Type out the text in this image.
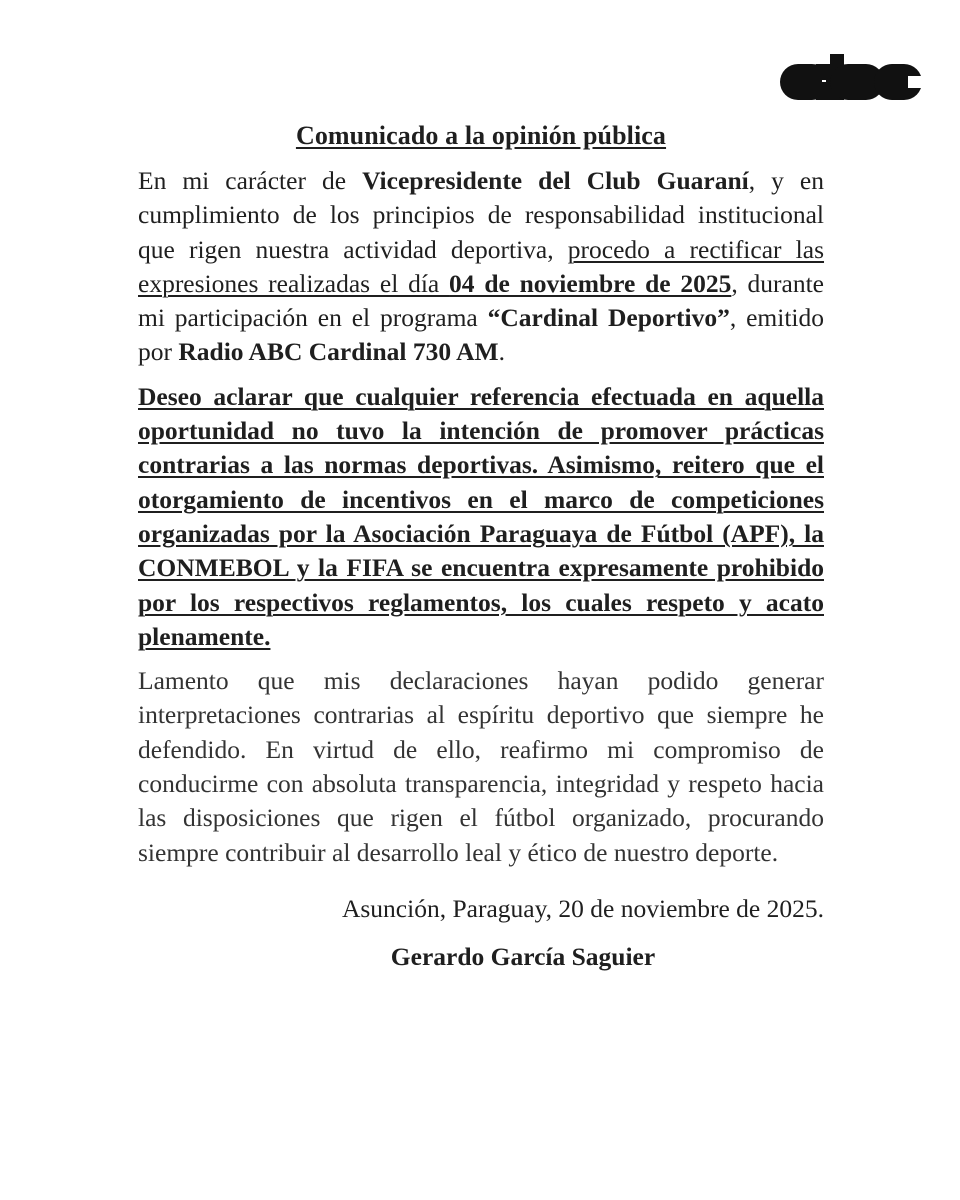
Comunicado a la opinión pública

En mi carácter de Vicepresidente del Club Guaraní, y en cumplimiento de los principios de responsabilidad institucional que rigen nuestra actividad deportiva, procedo a rectificar las expresiones realizadas el día 04 de noviembre de 2025, durante mi participación en el programa “Cardinal Deportivo”, emitido por Radio ABC Cardinal 730 AM.

Deseo aclarar que cualquier referencia efectuada en aquella oportunidad no tuvo la intención de promover prácticas contrarias a las normas deportivas. Asimismo, reitero que el otorgamiento de incentivos en el marco de competiciones organizadas por la Asociación Paraguaya de Fútbol (APF), la CONMEBOL y la FIFA se encuentra expresamente prohibido por los respectivos reglamentos, los cuales respeto y acato plenamente.

Lamento que mis declaraciones hayan podido generar interpretaciones contrarias al espíritu deportivo que siempre he defendido. En virtud de ello, reafirmo mi compromiso de conducirme con absoluta transparencia, integridad y respeto hacia las disposiciones que rigen el fútbol organizado, procurando siempre contribuir al desarrollo leal y ético de nuestro deporte.

Asunción, Paraguay, 20 de noviembre de 2025.
Gerardo García Saguier
